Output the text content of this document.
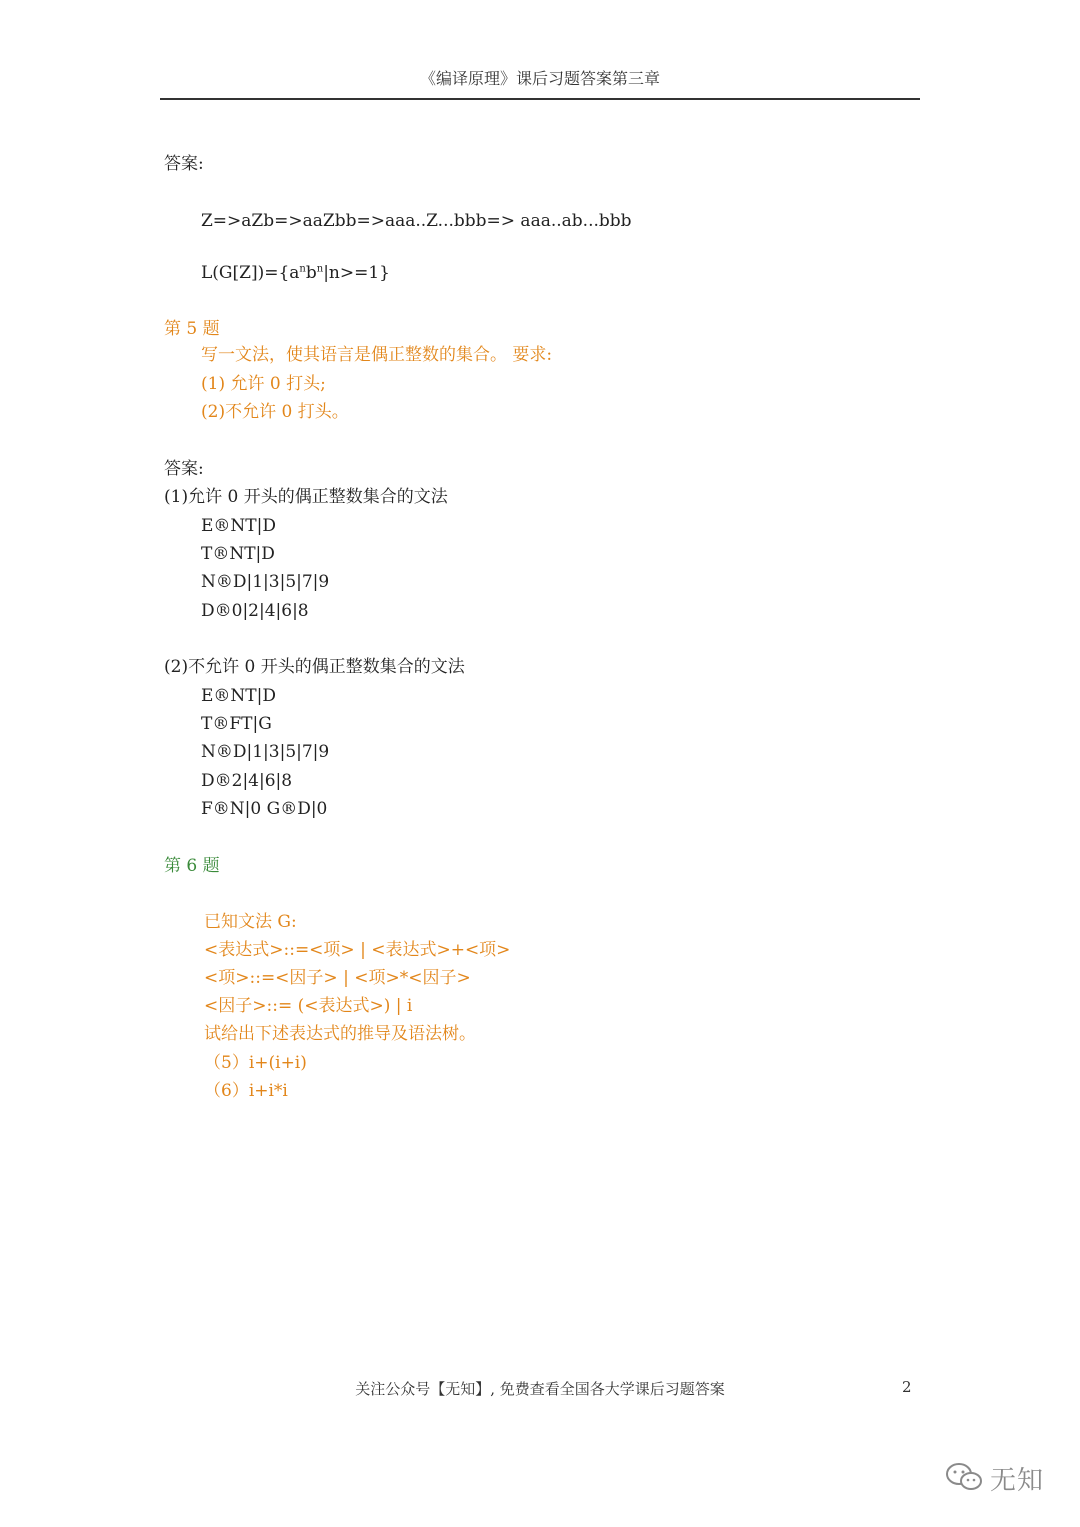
《编译原理》课后习题答案第三章
答案:
Z=>aZb=>aaZbb=>aaa..Z...bbb=> aaa..ab...bbb
$L(G[Z])=\{a^nb^n|n>=1\}$
第 5 题
写一文法，使其语言是偶正整数的集合。 要求:
(1) 允许 0 打头;
(2)不允许 0 打头。
答案:
(1)允许 0 开头的偶正整数集合的文法
E®NT|D
T®NT|D
N®D|1|3|5|7|9
D®0|2|4|6|8
(2)不允许 0 开头的偶正整数集合的文法
E®NT|D
T®FT|G
N®D|1|3|5|7|9
D®2|4|6|8
F®N|0 G®D|0
第 6 题
已知文法 G:
<表达式>::=<项> | <表达式>+<项>
<项>::=<因子> | <项>*<因子>
<因子>::= (<表达式>) | i
试给出下述表达式的推导及语法树。
（5）i+(i+i)
（6）i+i*i
关注公众号【无知】, 免费查看全国各大学课后习题答案	2
无知
